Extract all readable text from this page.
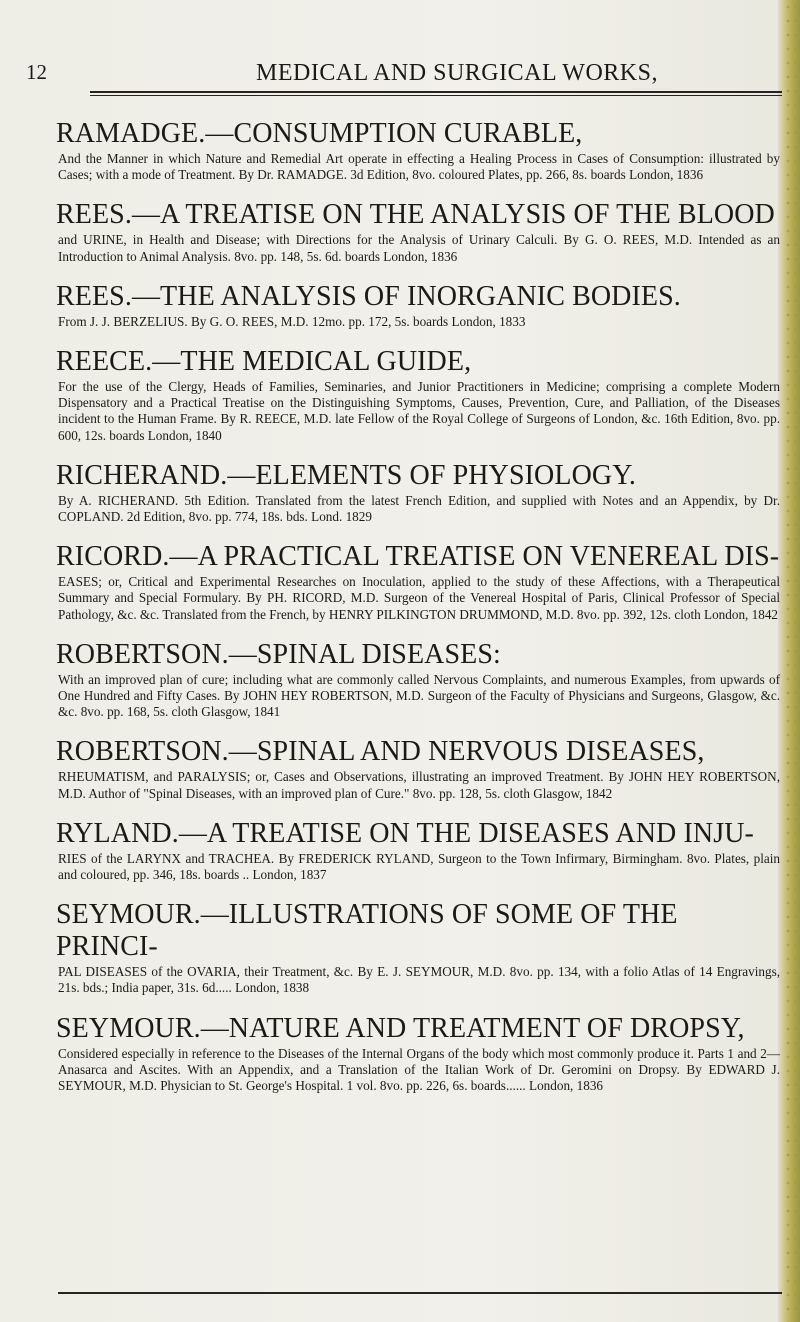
12	MEDICAL AND SURGICAL WORKS,
RAMADGE.—CONSUMPTION CURABLE,

And the Manner in which Nature and Remedial Art operate in effecting a Healing Process in Cases of Consumption: illustrated by Cases; with a mode of Treatment. By Dr. RAMADGE. 3d Edition, 8vo. coloured Plates, pp. 266, 8s. boards London, 1836

REES.—A TREATISE ON THE ANALYSIS OF THE BLOOD

and URINE, in Health and Disease; with Directions for the Analysis of Urinary Calculi. By G. O. REES, M.D. Intended as an Introduction to Animal Analysis. 8vo. pp. 148, 5s. 6d. boards London, 1836

REES.—THE ANALYSIS OF INORGANIC BODIES.

From J. J. BERZELIUS. By G. O. REES, M.D. 12mo. pp. 172, 5s. boards London, 1833

REECE.—THE MEDICAL GUIDE,

For the use of the Clergy, Heads of Families, Seminaries, and Junior Practitioners in Medicine; comprising a complete Modern Dispensatory and a Practical Treatise on the Distinguishing Symptoms, Causes, Prevention, Cure, and Palliation, of the Diseases incident to the Human Frame. By R. REECE, M.D. late Fellow of the Royal College of Surgeons of London, &c. 16th Edition, 8vo. pp. 600, 12s. boards London, 1840

RICHERAND.—ELEMENTS OF PHYSIOLOGY.

By A. RICHERAND. 5th Edition. Translated from the latest French Edition, and supplied with Notes and an Appendix, by Dr. COPLAND. 2d Edition, 8vo. pp. 774, 18s. bds. Lond. 1829

RICORD.—A PRACTICAL TREATISE ON VENEREAL DIS-

EASES; or, Critical and Experimental Researches on Inoculation, applied to the study of these Affections, with a Therapeutical Summary and Special Formulary. By PH. RICORD, M.D. Surgeon of the Venereal Hospital of Paris, Clinical Professor of Special Pathology, &c. &c. Translated from the French, by HENRY PILKINGTON DRUMMOND, M.D. 8vo. pp. 392, 12s. cloth London, 1842

ROBERTSON.—SPINAL DISEASES:

With an improved plan of cure; including what are commonly called Nervous Complaints, and numerous Examples, from upwards of One Hundred and Fifty Cases. By JOHN HEY ROBERTSON, M.D. Surgeon of the Faculty of Physicians and Surgeons, Glasgow, &c. &c. 8vo. pp. 168, 5s. cloth Glasgow, 1841

ROBERTSON.—SPINAL AND NERVOUS DISEASES,

RHEUMATISM, and PARALYSIS; or, Cases and Observations, illustrating an improved Treatment. By JOHN HEY ROBERTSON, M.D. Author of "Spinal Diseases, with an improved plan of Cure." 8vo. pp. 128, 5s. cloth Glasgow, 1842

RYLAND.—A TREATISE ON THE DISEASES AND INJU-

RIES of the LARYNX and TRACHEA. By FREDERICK RYLAND, Surgeon to the Town Infirmary, Birmingham. 8vo. Plates, plain and coloured, pp. 346, 18s. boards .. London, 1837

SEYMOUR.—ILLUSTRATIONS OF SOME OF THE PRINCI-

PAL DISEASES of the OVARIA, their Treatment, &c. By E. J. SEYMOUR, M.D. 8vo. pp. 134, with a folio Atlas of 14 Engravings, 21s. bds.; India paper, 31s. 6d..... London, 1838

SEYMOUR.—NATURE AND TREATMENT OF DROPSY,

Considered especially in reference to the Diseases of the Internal Organs of the body which most commonly produce it. Parts 1 and 2—Anasarca and Ascites. With an Appendix, and a Translation of the Italian Work of Dr. Geromini on Dropsy. By EDWARD J. SEYMOUR, M.D. Physician to St. George's Hospital. 1 vol. 8vo. pp. 226, 6s. boards...... London, 1836
